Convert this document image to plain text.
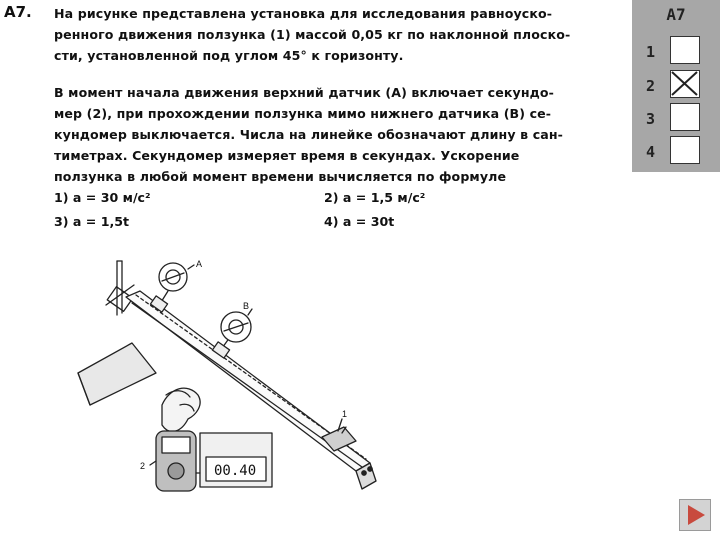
А7. На рисунке представлена установка для исследования равноуско-
ренного движения ползунка (1) массой 0,05 кг по наклонной плоско-
сти, установленной под углом 45° к горизонту.
В момент начала движения верхний датчик (А) включает секундо-
мер (2), при прохождении ползунка мимо нижнего датчика (В) се-
кундомер выключается. Числа на линейке обозначают длину в сан-
тиметрах. Секундомер измеряет время в секундах. Ускорение
ползунка в любой момент времени вычисляется по формуле
1) a = 30 м/с²	2) a = 1,5 м/с²
3) a = 1,5t	4) a = 30t
А7
1
2
3
4
A
B
1
2	00.40
